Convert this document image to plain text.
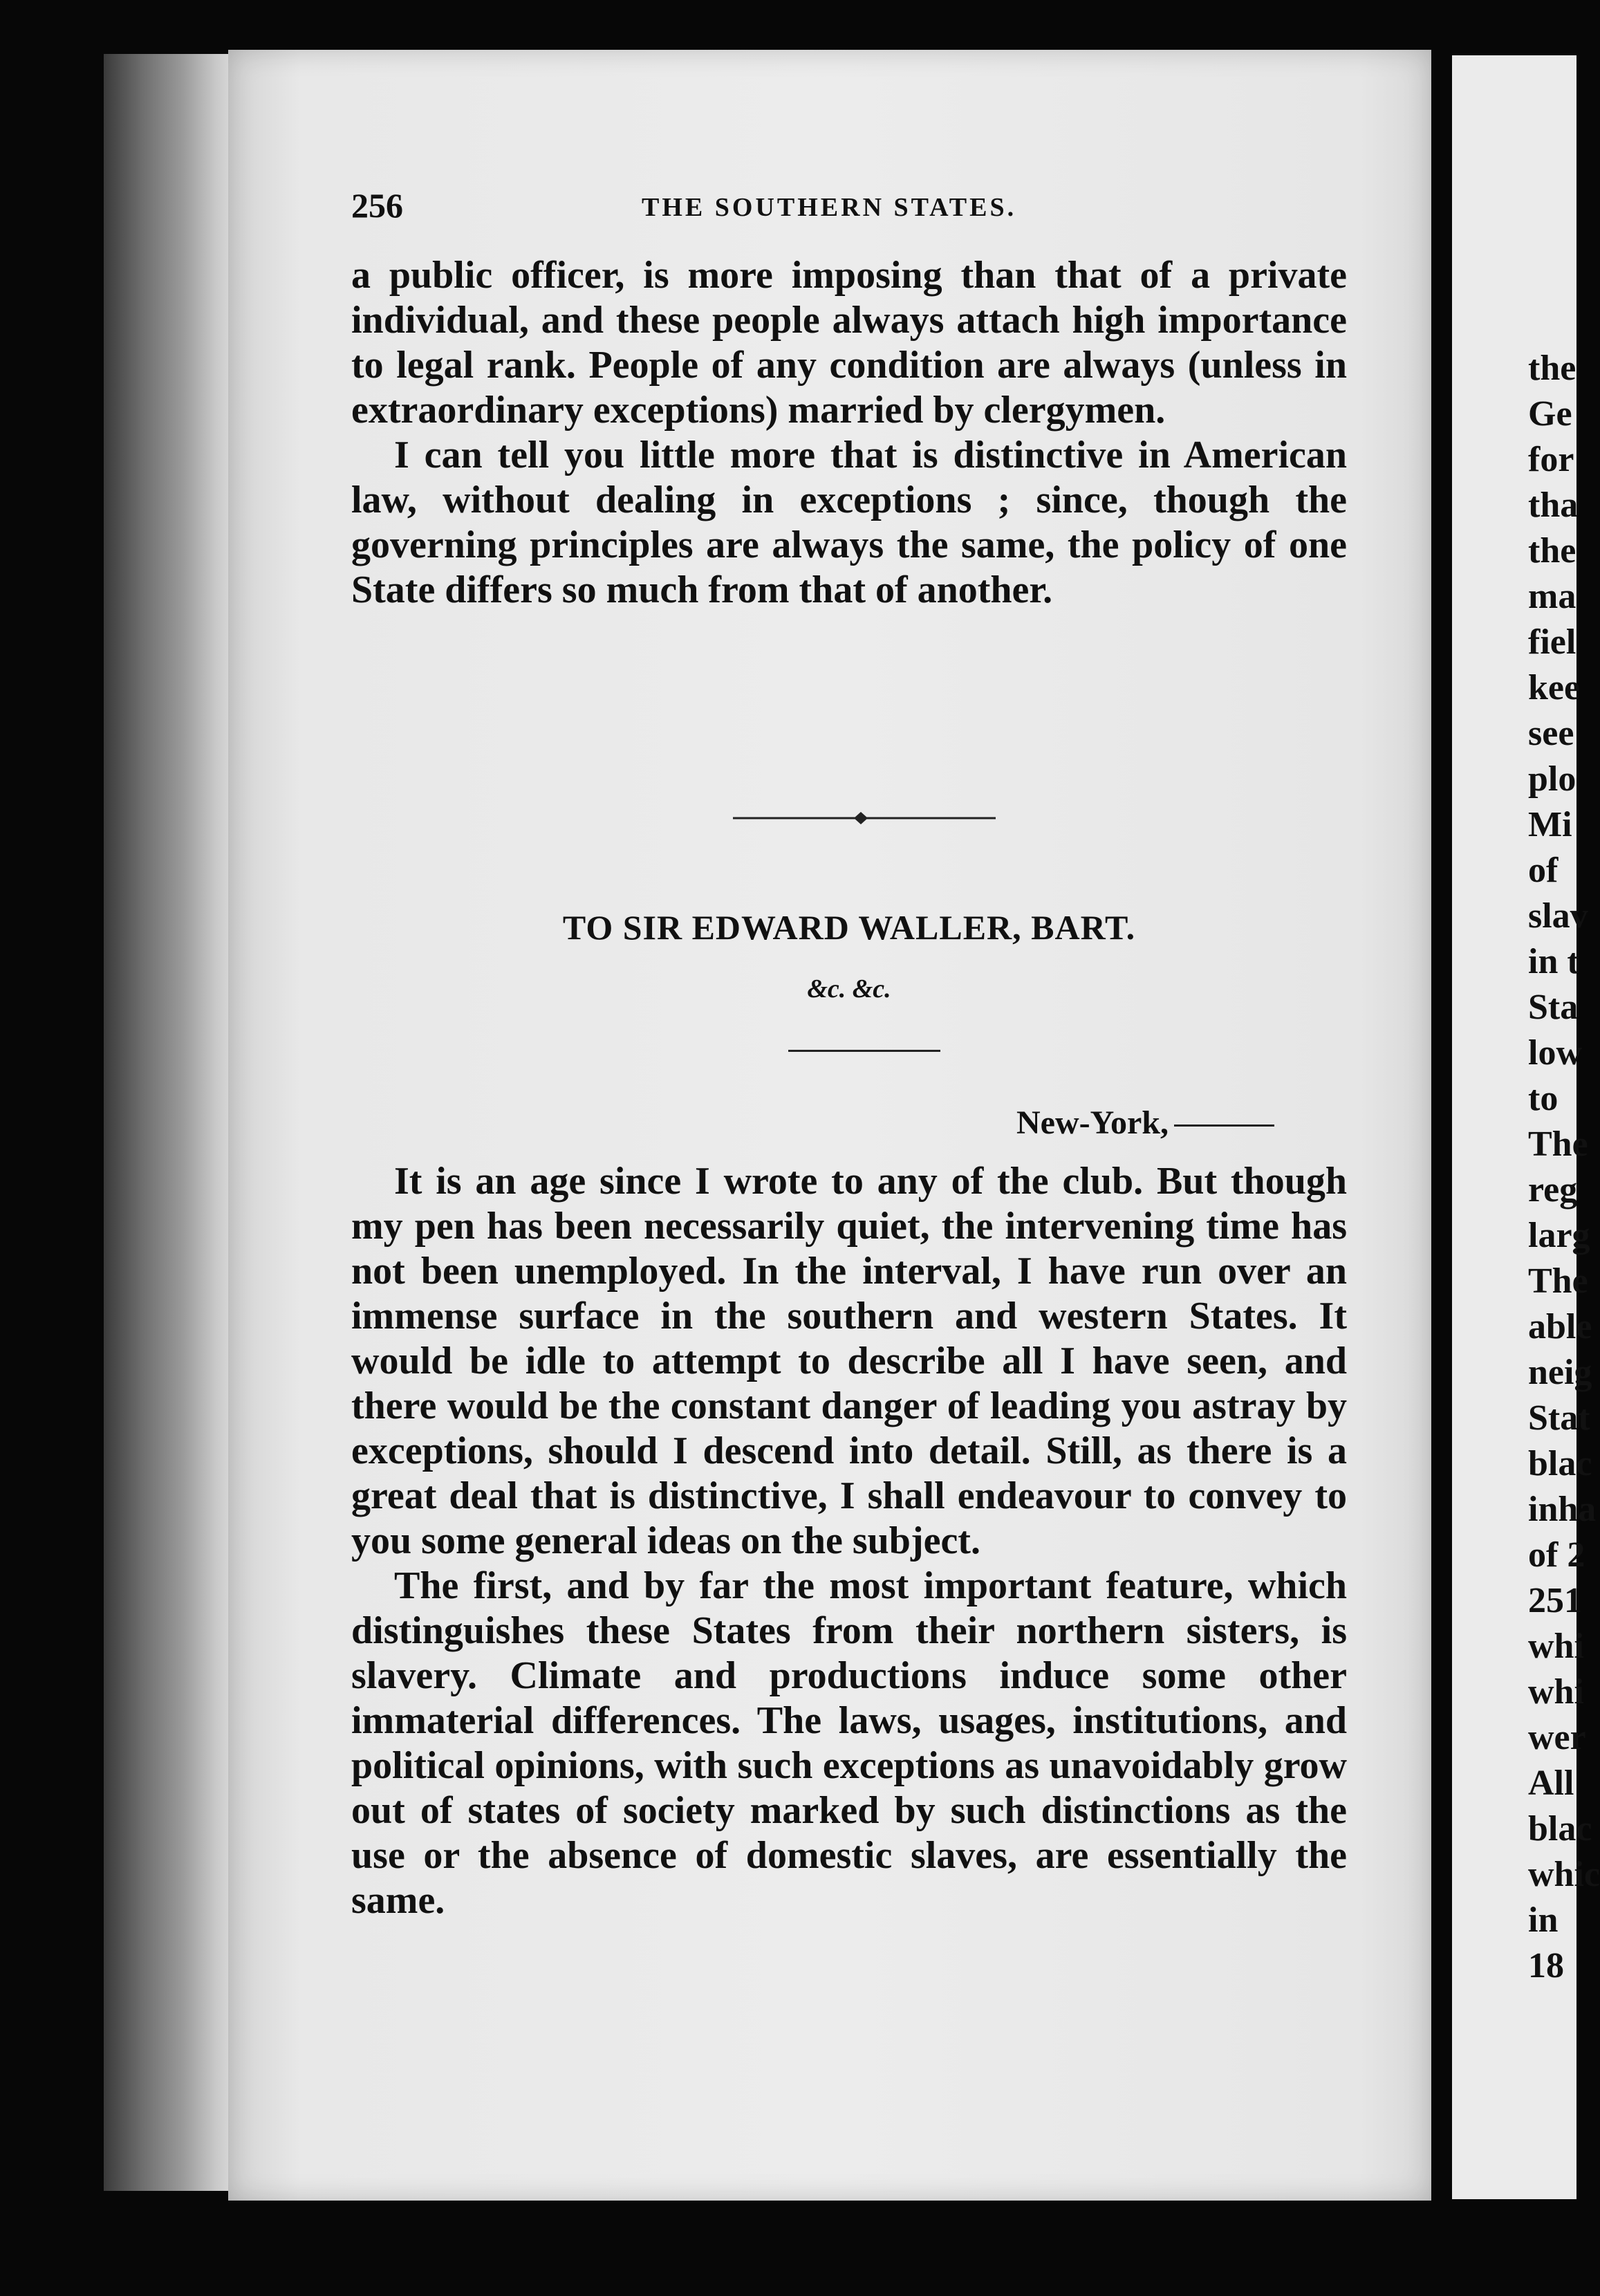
256	THE SOUTHERN STATES.

a public officer, is more imposing than that of a private individual, and these people always attach high importance to legal rank. People of any condition are always (unless in extraordinary exceptions) married by clergymen.

I can tell you little more that is distinctive in American law, without dealing in exceptions ; since, though the governing principles are always the same, the policy of one State differs so much from that of another.

TO SIR EDWARD WALLER, BART.
&c. &c.
New-York,

It is an age since I wrote to any of the club. But though my pen has been necessarily quiet, the intervening time has not been unemployed. In the interval, I have run over an immense surface in the southern and western States. It would be idle to attempt to describe all I have seen, and there would be the constant danger of leading you astray by exceptions, should I descend into detail. Still, as there is a great deal that is distinctive, I shall endeavour to convey to you some general ideas on the subject.

The first, and by far the most important feature, which distinguishes these States from their northern sisters, is slavery. Climate and productions induce some other immaterial differences. The laws, usages, institutions, and political opinions, with such exceptions as unavoidably grow out of states of society marked by such distinctions as the use or the absence of domestic slaves, are essentially the same.

the
Ge
for
tha
the
ma
fiel
kee
see
plo
Mi
of
slav
in t
Sta
low
to
The
reg
larg
The
able
neig
Stat
blac
inha
of 2
251
whi
whi
wer
All
blac
whic
in 18
